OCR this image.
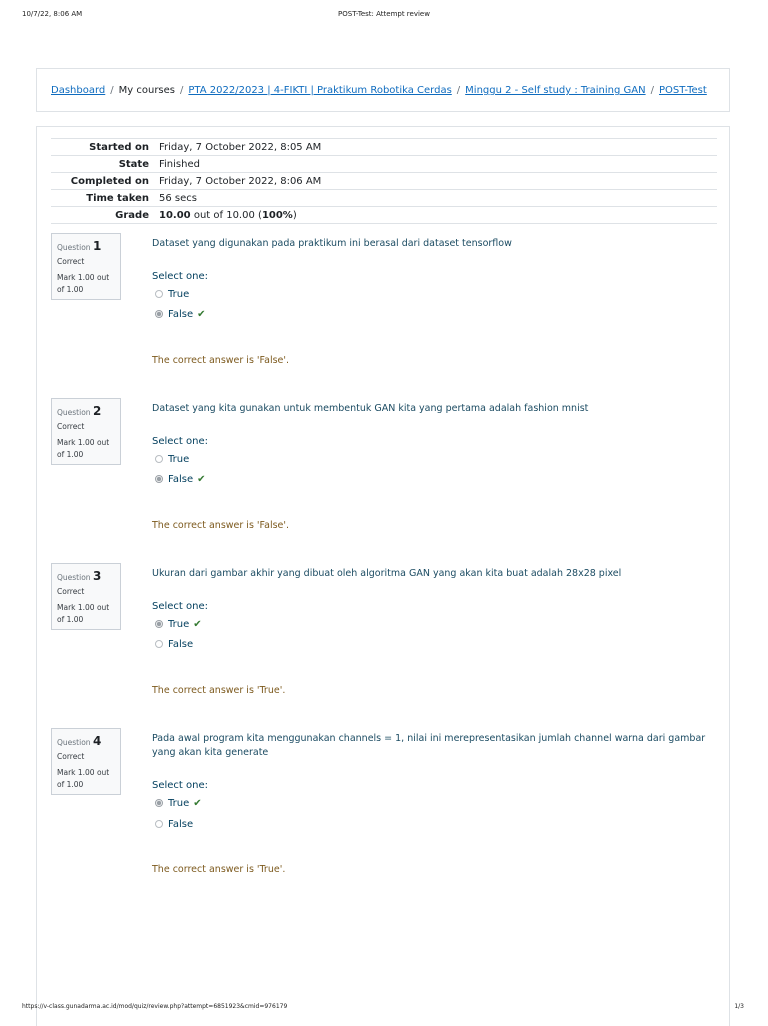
10/7/22, 8:06 AM	POST-Test: Attempt review
Dashboard / My courses / PTA 2022/2023 | 4-FIKTI | Praktikum Robotika Cerdas / Minggu 2 - Self study : Training GAN / POST-Test
Started on	Friday, 7 October 2022, 8:05 AM
State	Finished
Completed on	Friday, 7 October 2022, 8:06 AM
Time taken	56 secs
Grade	10.00 out of 10.00 (100%)
Question 1
Correct
Mark 1.00 out of 1.00
Dataset yang digunakan pada praktikum ini berasal dari dataset tensorflow
Select one:
True
False ✔
The correct answer is 'False'.
Question 2
Correct
Mark 1.00 out of 1.00
Dataset yang kita gunakan untuk membentuk GAN kita yang pertama adalah fashion mnist
Select one:
True
False ✔
The correct answer is 'False'.
Question 3
Correct
Mark 1.00 out of 1.00
Ukuran dari gambar akhir yang dibuat oleh algoritma GAN yang akan kita buat adalah 28x28 pixel
Select one:
True ✔
False
The correct answer is 'True'.
Question 4
Correct
Mark 1.00 out of 1.00
Pada awal program kita menggunakan channels = 1, nilai ini merepresentasikan jumlah channel warna dari gambar yang akan kita generate
Select one:
True ✔
False
The correct answer is 'True'.
https://v-class.gunadarma.ac.id/mod/quiz/review.php?attempt=6851923&cmid=976179	1/3
